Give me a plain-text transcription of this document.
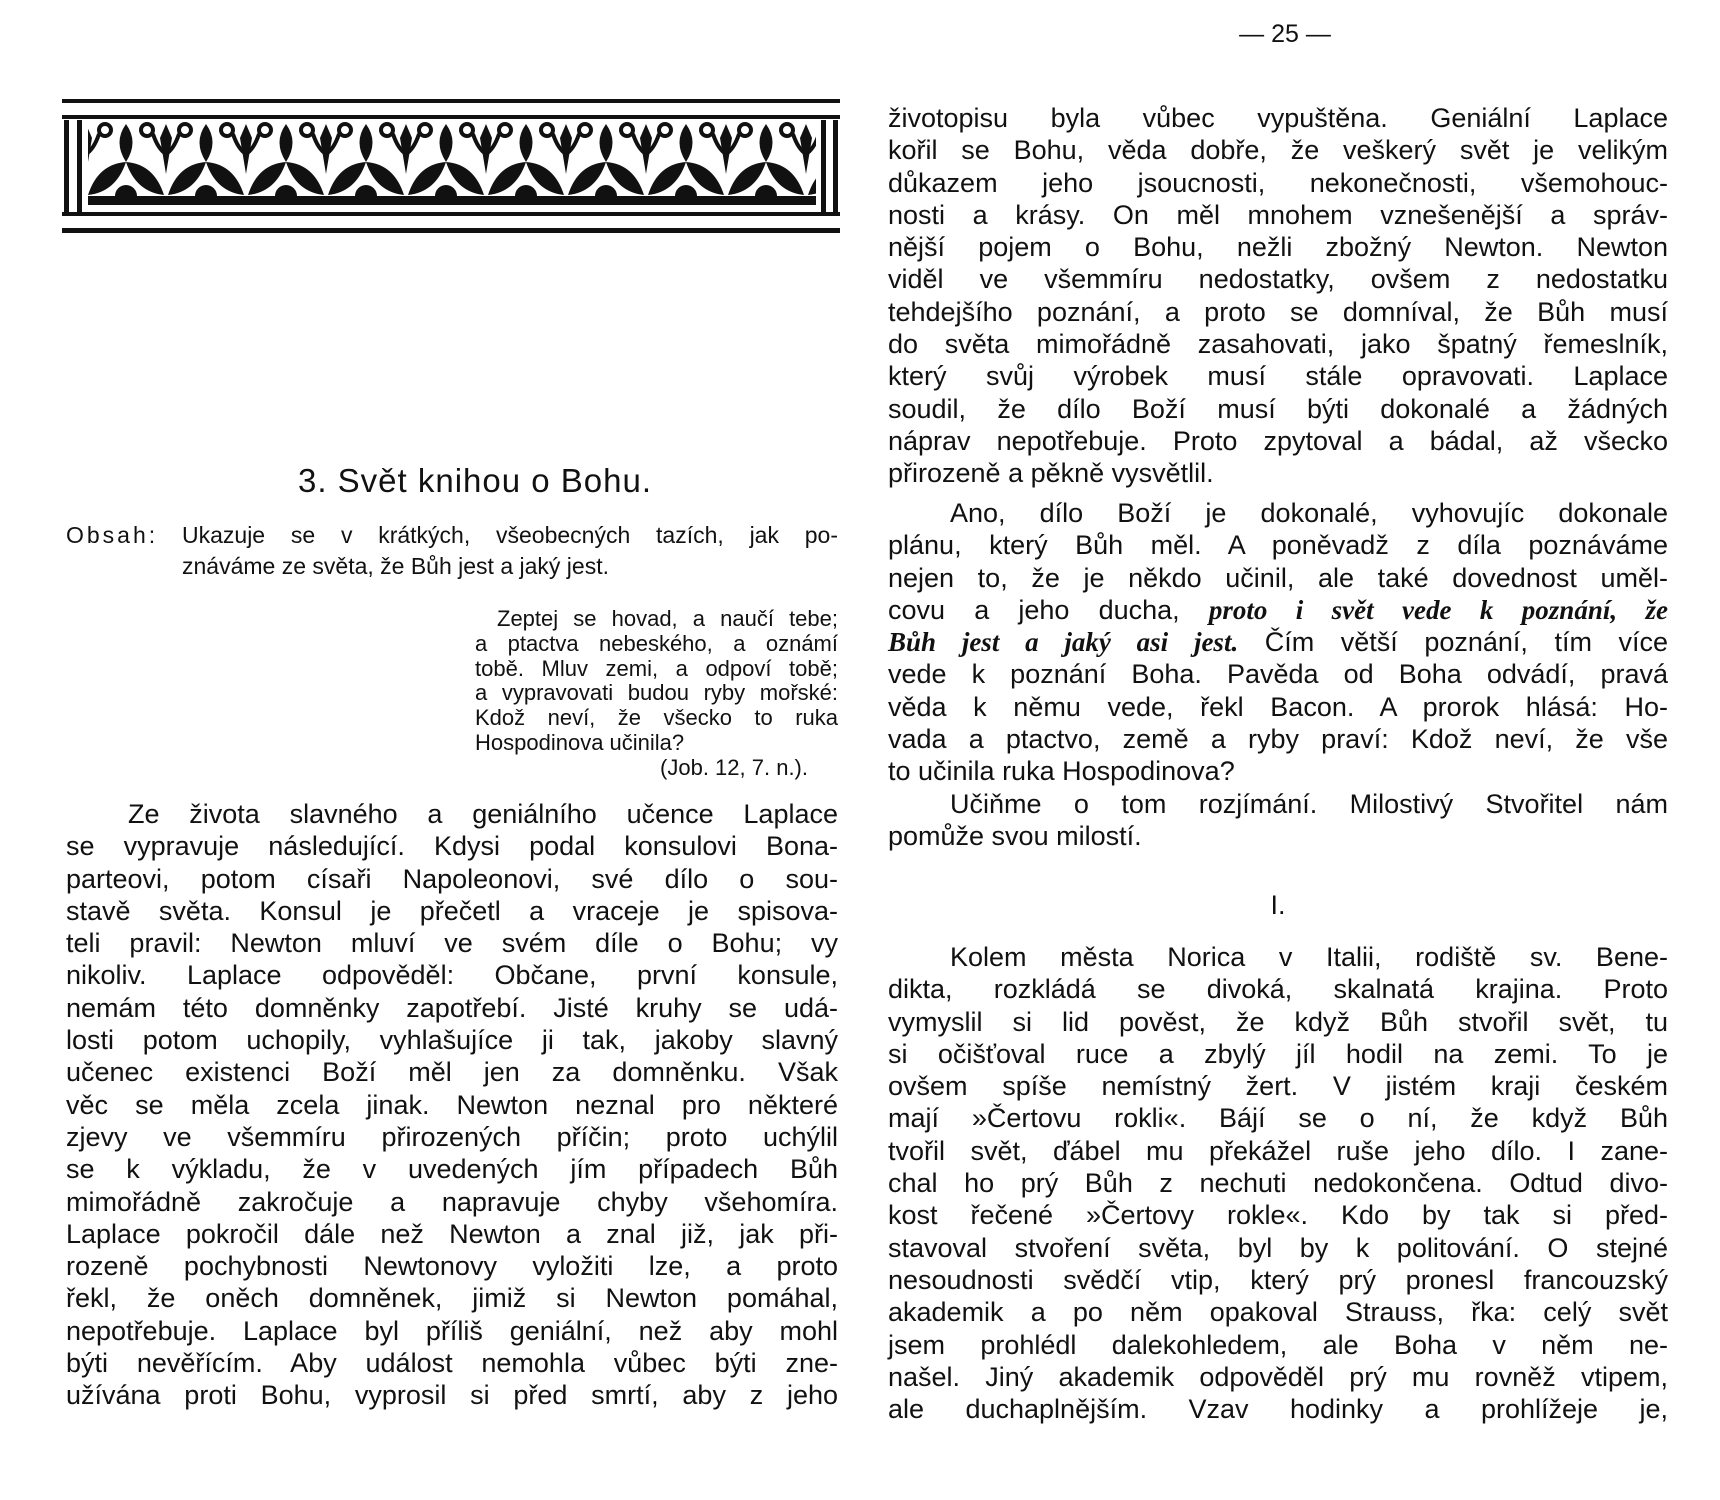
— 25 —
3. Svět knihou o Bohu.
Obsah:	Ukazuje se v krátkých, všeobecných tazích, jak po-
znáváme ze světa, že Bůh jest a jaký jest.
Zeptej se hovad, a naučí tebe;
a ptactva nebeského, a oznámí
tobě. Mluv zemi, a odpoví tobě;
a vypravovati budou ryby mořské:
Kdož neví, že všecko to ruka
Hospodinova učinila?
(Job. 12, 7. n.).
Ze života slavného a geniálního učence Laplace
se vypravuje následující. Kdysi podal konsulovi Bona-
parteovi, potom císaři Napoleonovi, své dílo o sou-
stavě světa. Konsul je přečetl a vraceje je spisova-
teli pravil: Newton mluví ve svém díle o Bohu; vy
nikoliv. Laplace odpověděl: Občane, první konsule,
nemám této domněnky zapotřebí. Jisté kruhy se udá-
losti potom uchopily, vyhlašujíce ji tak, jakoby slavný
učenec existenci Boží měl jen za domněnku. Však
věc se měla zcela jinak. Newton neznal pro některé
zjevy ve všemmíru přirozených příčin; proto uchýlil
se k výkladu, že v uvedených jím případech Bůh
mimořádně zakročuje a napravuje chyby všehomíra.
Laplace pokročil dále než Newton a znal již, jak při-
rozeně pochybnosti Newtonovy vyložiti lze, a proto
řekl, že oněch domněnek, jimiž si Newton pomáhal,
nepotřebuje. Laplace byl příliš geniální, než aby mohl
býti nevěřícím. Aby událost nemohla vůbec býti zne-
užívána proti Bohu, vyprosil si před smrtí, aby z jeho
životopisu byla vůbec vypuštěna. Geniální Laplace
kořil se Bohu, věda dobře, že veškerý svět je velikým
důkazem jeho jsoucnosti, nekonečnosti, všemohouc-
nosti a krásy. On měl mnohem vznešenější a správ-
nější pojem o Bohu, nežli zbožný Newton. Newton
viděl ve všemmíru nedostatky, ovšem z nedostatku
tehdejšího poznání, a proto se domníval, že Bůh musí
do světa mimořádně zasahovati, jako špatný řemeslník,
který svůj výrobek musí stále opravovati. Laplace
soudil, že dílo Boží musí býti dokonalé a žádných
náprav nepotřebuje. Proto zpytoval a bádal, až všecko
přirozeně a pěkně vysvětlil.
Ano, dílo Boží je dokonalé, vyhovujíc dokonale
plánu, který Bůh měl. A poněvadž z díla poznáváme
nejen to, že je někdo učinil, ale také dovednost uměl-
covu a jeho ducha, proto i svět vede k poznání, že
Bůh jest a jaký asi jest. Čím větší poznání, tím více
vede k poznání Boha. Pavěda od Boha odvádí, pravá
věda k němu vede, řekl Bacon. A prorok hlásá: Ho-
vada a ptactvo, země a ryby praví: Kdož neví, že vše
to učinila ruka Hospodinova?
Učiňme o tom rozjímání. Milostivý Stvořitel nám
pomůže svou milostí.
I.
Kolem města Norica v Italii, rodiště sv. Bene-
dikta, rozkládá se divoká, skalnatá krajina. Proto
vymyslil si lid pověst, že když Bůh stvořil svět, tu
si očišťoval ruce a zbylý jíl hodil na zemi. To je
ovšem spíše nemístný žert. V jistém kraji českém
mají »Čertovu rokli«. Bájí se o ní, že když Bůh
tvořil svět, ďábel mu překážel ruše jeho dílo. I zane-
chal ho prý Bůh z nechuti nedokončena. Odtud divo-
kost řečené »Čertovy rokle«. Kdo by tak si před-
stavoval stvoření světa, byl by k politování. O stejné
nesoudnosti svědčí vtip, který prý pronesl francouzský
akademik a po něm opakoval Strauss, řka: celý svět
jsem prohlédl dalekohledem, ale Boha v něm ne-
našel. Jiný akademik odpověděl prý mu rovněž vtipem,
ale duchaplnějším. Vzav hodinky a prohlížeje je,
